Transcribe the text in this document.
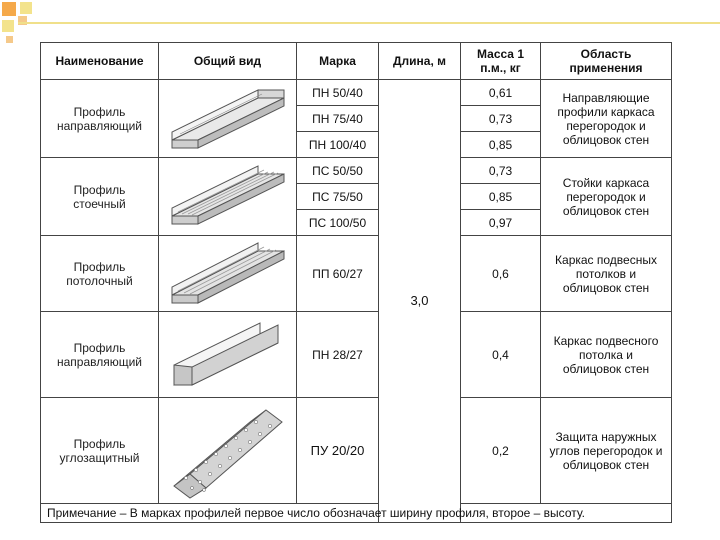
Наименование	Общий вид	Марка	Длина, м	Масса 1 п.м., кг	Область применения
Профиль направляющий		ПН 50/40	3,0	0,61	Направляющие профили каркаса перегородок и облицовок стен
		ПН 75/40		0,73	
		ПН 100/40		0,85	
Профиль стоечный		ПС 50/50		0,73	Стойки каркаса перегородок и облицовок стен
		ПС 75/50		0,85	
		ПС 100/50		0,97	
Профиль потолочный		ПП 60/27		0,6	Каркас подвесных потолков и облицовок стен
Профиль направляющий		ПН 28/27		0,4	Каркас подвесного потолка и облицовок стен
Профиль углозащитный		ПУ 20/20		0,2	Защита наружных углов перегородок и облицовок стен
Примечание – В марках профилей первое число обозначает ширину профиля, второе – высоту.					
